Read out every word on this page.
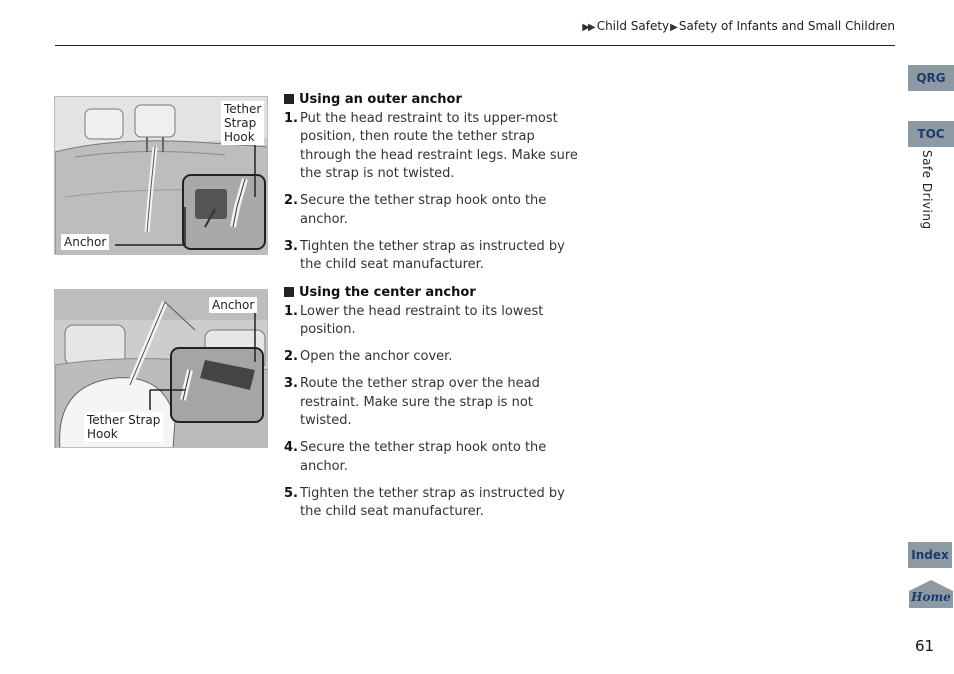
▶▶ Child Safety▶Safety of Infants and Small Children
Tether
Strap
Hook
Anchor
Anchor
Tether Strap
Hook
Using an outer anchor
1. Put the head restraint to its upper-most position, then route the tether strap through the head restraint legs. Make sure the strap is not twisted.
2. Secure the tether strap hook onto the anchor.
3. Tighten the tether strap as instructed by the child seat manufacturer.
Using the center anchor
1. Lower the head restraint to its lowest position.
2. Open the anchor cover.
3. Route the tether strap over the head restraint. Make sure the strap is not twisted.
4. Secure the tether strap hook onto the anchor.
5. Tighten the tether strap as instructed by the child seat manufacturer.
QRG
TOC
Safe Driving
Index
Home
61
